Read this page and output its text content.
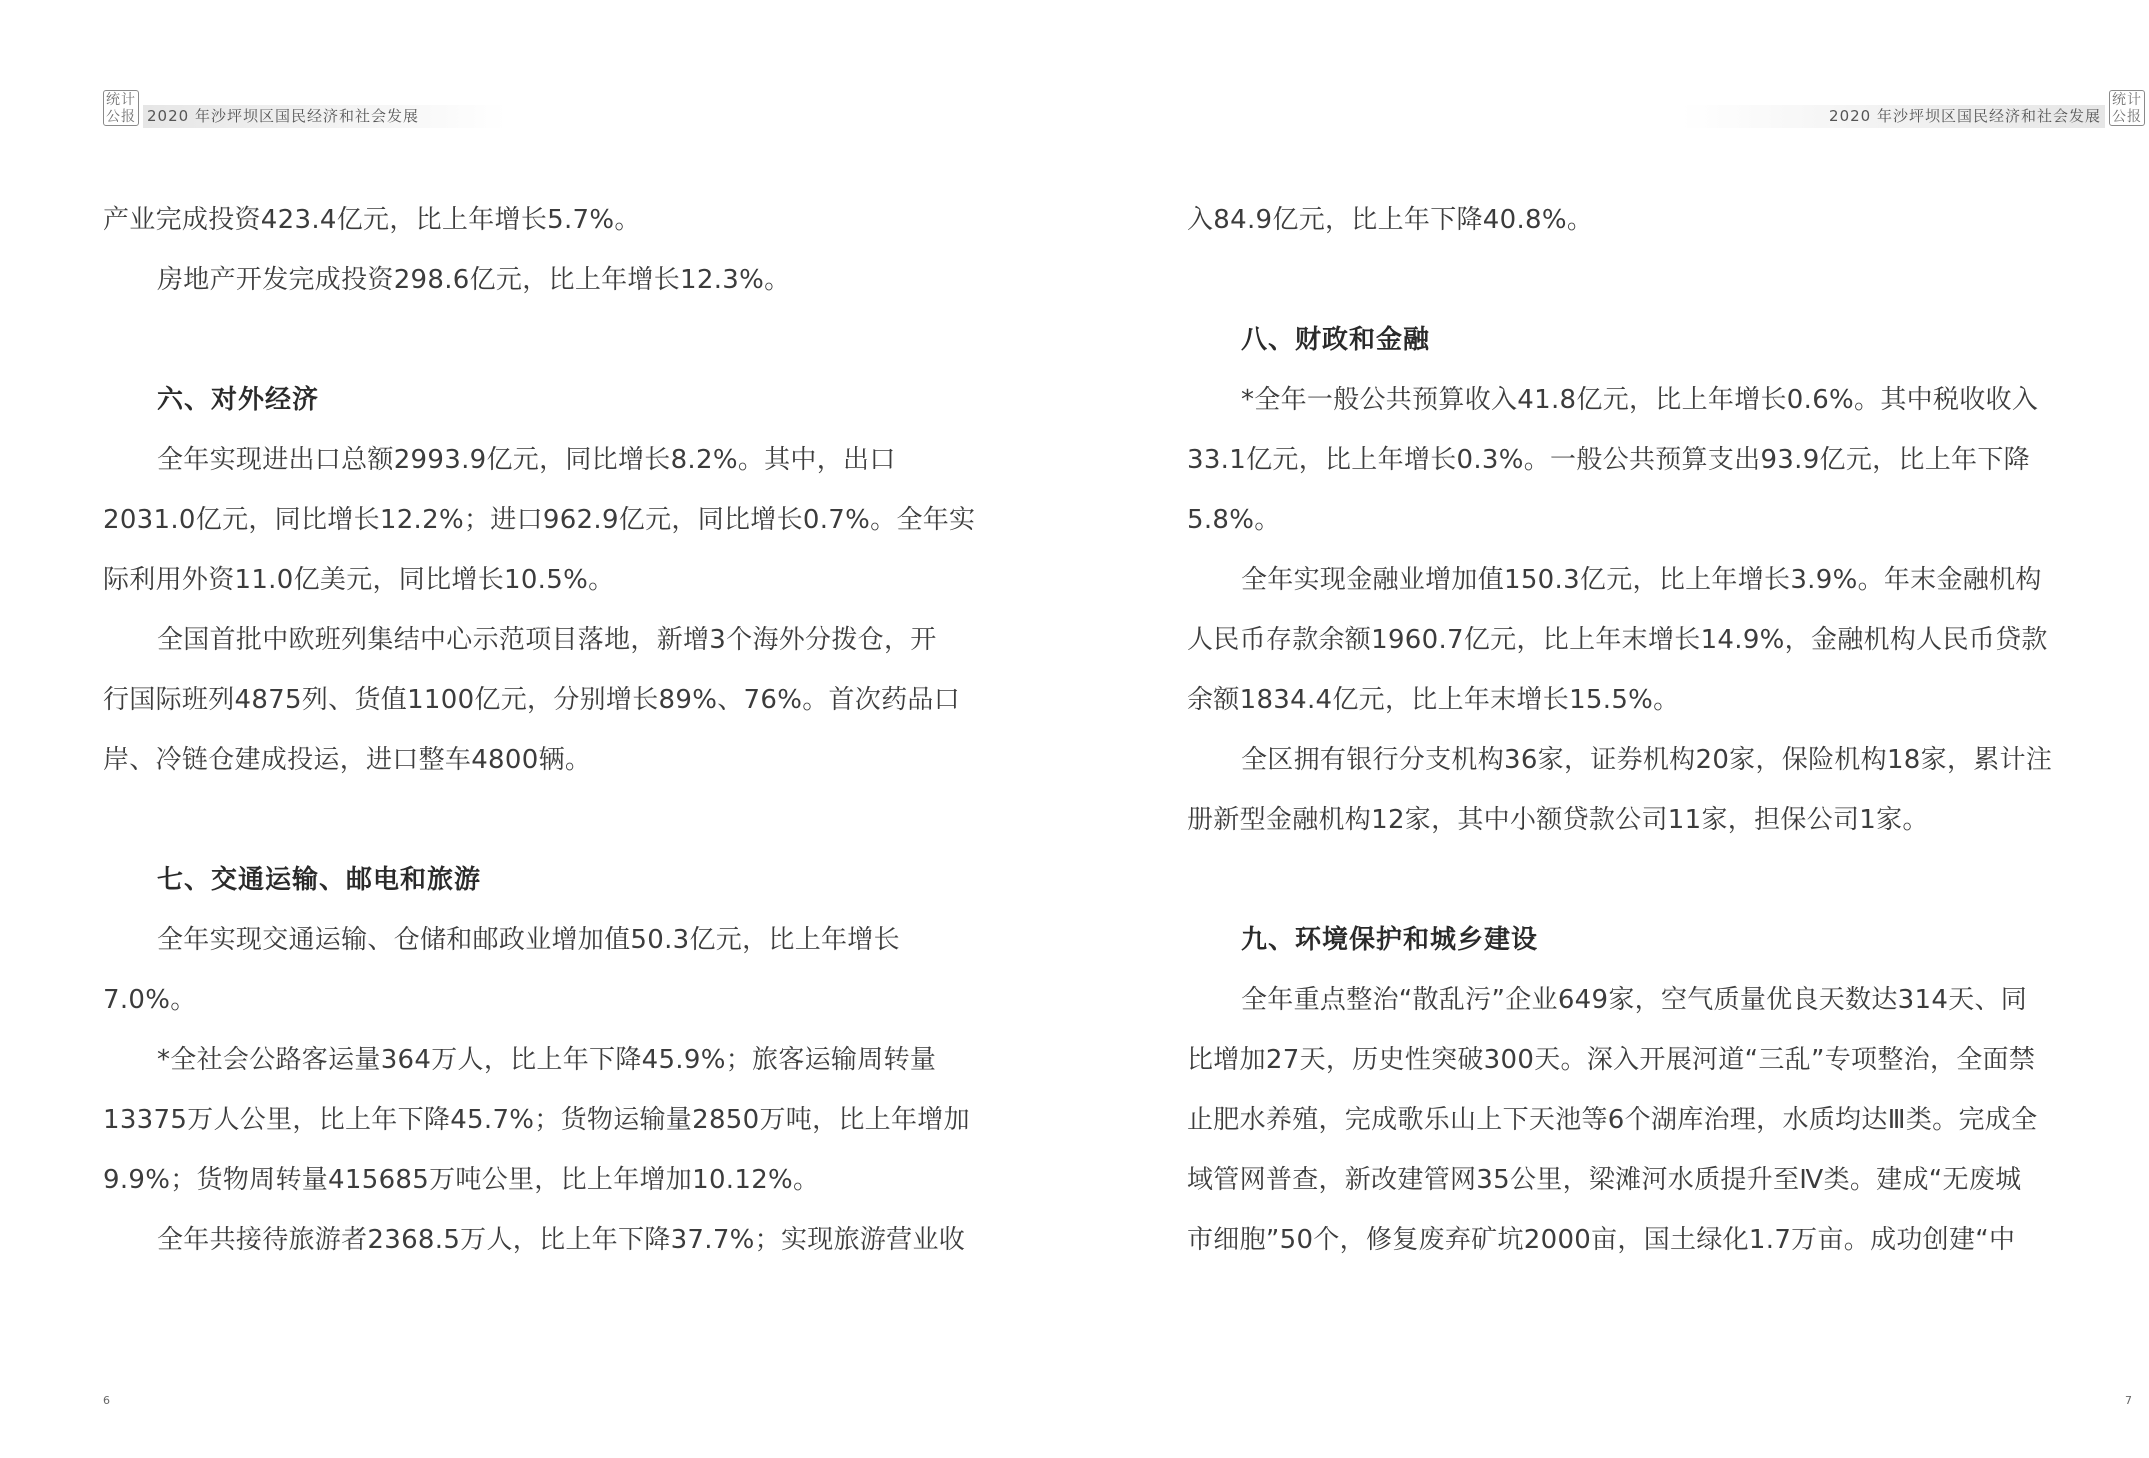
统计
公报 2020 年沙坪坝区国民经济和社会发展
产业完成投资423.4亿元，比上年增长5.7%。
房地产开发完成投资298.6亿元，比上年增长12.3%。
六、对外经济
全年实现进出口总额2993.9亿元，同比增长8.2%。其中，出口
2031.0亿元，同比增长12.2%；进口962.9亿元，同比增长0.7%。全年实
际利用外资11.0亿美元，同比增长10.5%。
全国首批中欧班列集结中心示范项目落地，新增3个海外分拨仓，开
行国际班列4875列、货值1100亿元，分别增长89%、76%。首次药品口
岸、冷链仓建成投运，进口整车4800辆。
七、交通运输、邮电和旅游
全年实现交通运输、仓储和邮政业增加值50.3亿元，比上年增长
7.0%。
*全社会公路客运量364万人，比上年下降45.9%；旅客运输周转量
13375万人公里，比上年下降45.7%；货物运输量2850万吨，比上年增加
9.9%；货物周转量415685万吨公里，比上年增加10.12%。
全年共接待旅游者2368.5万人，比上年下降37.7%；实现旅游营业收
6
2020 年沙坪坝区国民经济和社会发展
统计
公报
入84.9亿元，比上年下降40.8%。
八、财政和金融
*全年一般公共预算收入41.8亿元，比上年增长0.6%。其中税收收入
33.1亿元，比上年增长0.3%。一般公共预算支出93.9亿元，比上年下降
5.8%。
全年实现金融业增加值150.3亿元，比上年增长3.9%。年末金融机构
人民币存款余额1960.7亿元，比上年末增长14.9%，金融机构人民币贷款
余额1834.4亿元，比上年末增长15.5%。
全区拥有银行分支机构36家，证券机构20家，保险机构18家，累计注
册新型金融机构12家，其中小额贷款公司11家，担保公司1家。
九、环境保护和城乡建设
全年重点整治“散乱污”企业649家，空气质量优良天数达314天、同
比增加27天，历史性突破300天。深入开展河道“三乱”专项整治，全面禁
止肥水养殖，完成歌乐山上下天池等6个湖库治理，水质均达Ⅲ类。完成全
域管网普查，新改建管网35公里，梁滩河水质提升至Ⅳ类。建成“无废城
市细胞”50个，修复废弃矿坑2000亩，国土绿化1.7万亩。成功创建“中
7
